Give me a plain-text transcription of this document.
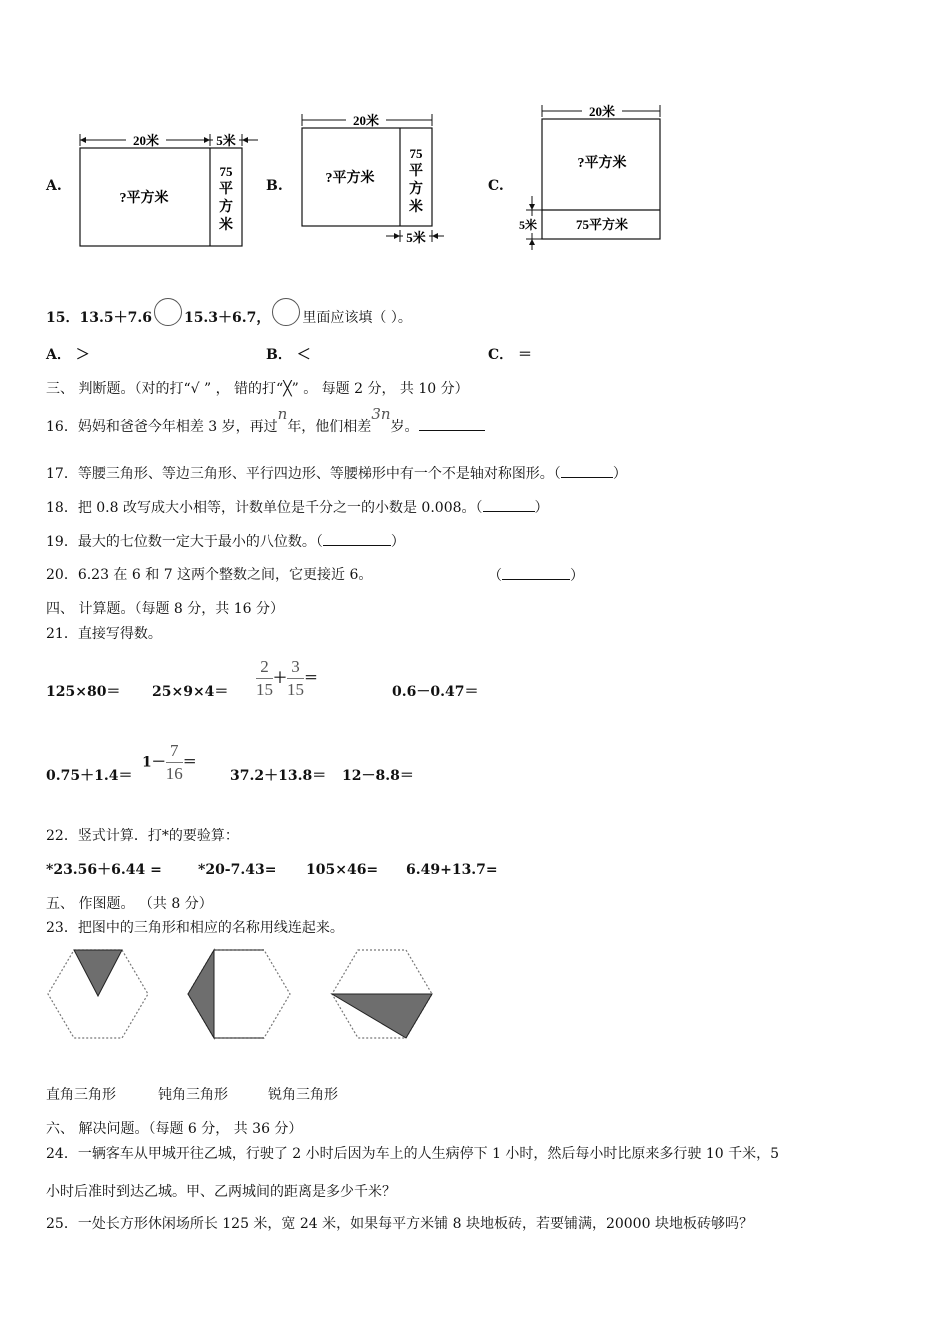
A.
20米	5米
?平方米
75
平
方
米
B.
20米
?平方米
75
平
方
米
5米
C.
20米
?平方米
75平方米
5米
15．13.5＋7.6 15.3＋6.7， 里面应该填（ ）。
A． ＞	B． ＜	C． ＝
三、 判断题。（对的打“√ ” ， 错的打“╳” 。 每题 2 分， 共 10 分）
16．妈妈和爸爸今年相差 3 岁，再过n年，他们相差3n岁。
17．等腰三角形、等边三角形、平行四边形、等腰梯形中有一个不是轴对称图形。（	）
18．把 0.8 改写成大小相等，计数单位是千分之一的小数是 0.008。（	）
19．最大的七位数一定大于最小的八位数。（	）
20．6.23 在 6 和 7 这两个整数之间，它更接近 6。	（	）
四、 计算题。（每题 8 分，共 16 分）
21．直接写得数。
$125\times 80= 25\times 9\times 4= \frac{2}{15} + \frac{3}{15}$ ＝
0.6－0.47＝
0.75＋1.4＝
$1- \frac{7}{16}$ ＝
37.2＋13.8＝ 12－8.8＝
22．竖式计算．打*的要验算：
*23.56＋6.44 =	*20-7.43= 105×46= 6.49+13.7=
五、 作图题。 （共 8 分）
23．把图中的三角形和相应的名称用线连起来。
直角三角形	钝角三角形	锐角三角形
六、 解决问题。（每题 6 分， 共 36 分）
24．一辆客车从甲城开往乙城，行驶了 2 小时后因为车上的人生病停下 1 小时，然后每小时比原来多行驶 10 千米，5
小时后准时到达乙城。甲、乙两城间的距离是多少千米？
25．一处长方形休闲场所长 125 米，宽 24 米，如果每平方米铺 8 块地板砖，若要铺满，20000 块地板砖够吗？
